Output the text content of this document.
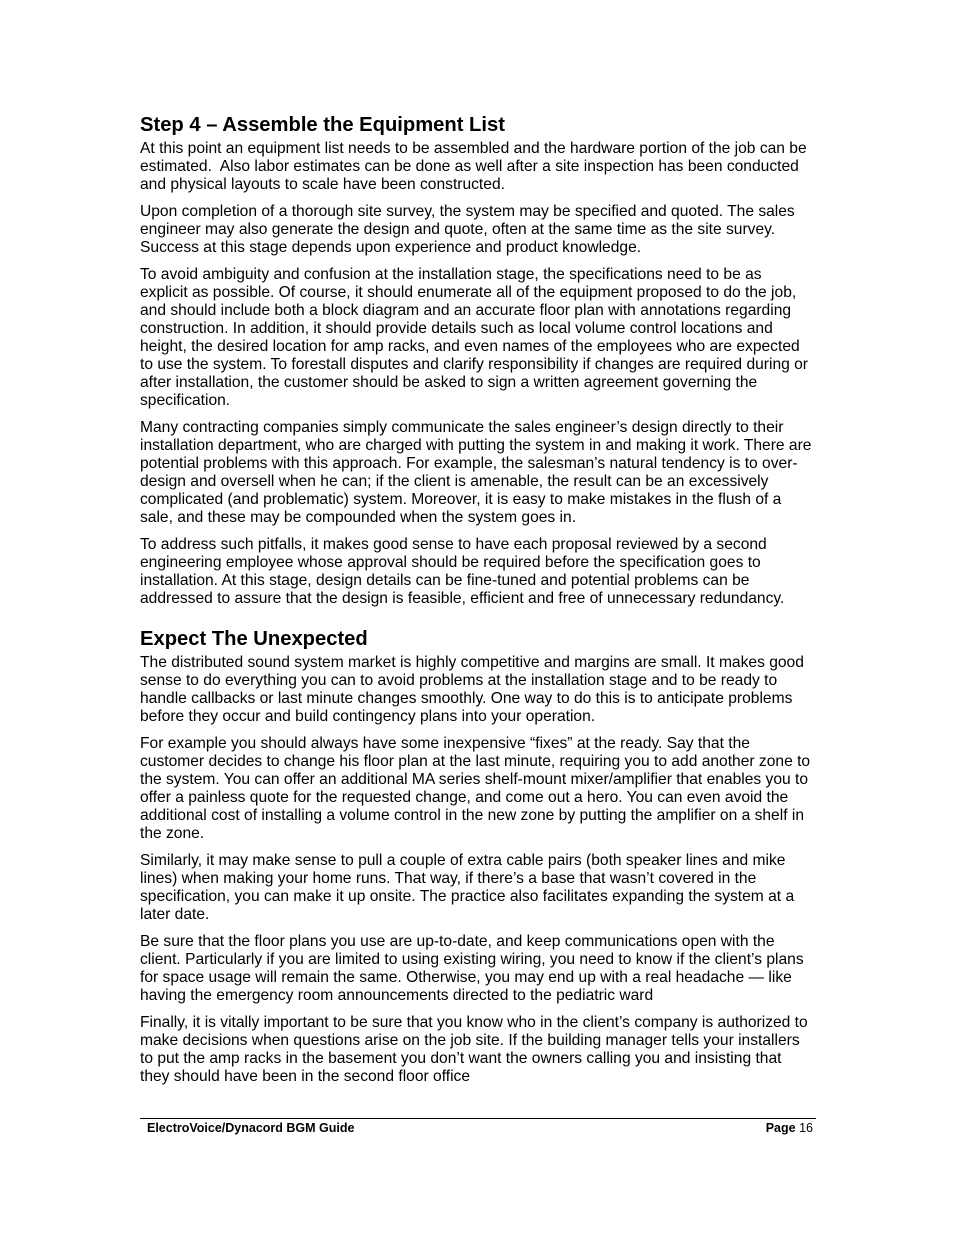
Step 4 – Assemble the Equipment List

At this point an equipment list needs to be assembled and the hardware portion of the job can be
estimated.  Also labor estimates can be done as well after a site inspection has been conducted
and physical layouts to scale have been constructed.

Upon completion of a thorough site survey, the system may be specified and quoted. The sales
engineer may also generate the design and quote, often at the same time as the site survey.
Success at this stage depends upon experience and product knowledge.

To avoid ambiguity and confusion at the installation stage, the specifications need to be as
explicit as possible. Of course, it should enumerate all of the equipment proposed to do the job,
and should include both a block diagram and an accurate floor plan with annotations regarding
construction. In addition, it should provide details such as local volume control locations and
height, the desired location for amp racks, and even names of the employees who are expected
to use the system. To forestall disputes and clarify responsibility if changes are required during or
after installation, the customer should be asked to sign a written agreement governing the
specification.

Many contracting companies simply communicate the sales engineer’s design directly to their
installation department, who are charged with putting the system in and making it work. There are
potential problems with this approach. For example, the salesman’s natural tendency is to over-
design and oversell when he can; if the client is amenable, the result can be an excessively
complicated (and problematic) system. Moreover, it is easy to make mistakes in the flush of a
sale, and these may be compounded when the system goes in.

To address such pitfalls, it makes good sense to have each proposal reviewed by a second
engineering employee whose approval should be required before the specification goes to
installation. At this stage, design details can be fine-tuned and potential problems can be
addressed to assure that the design is feasible, efficient and free of unnecessary redundancy.

Expect The Unexpected

The distributed sound system market is highly competitive and margins are small. It makes good
sense to do everything you can to avoid problems at the installation stage and to be ready to
handle callbacks or last minute changes smoothly. One way to do this is to anticipate problems
before they occur and build contingency plans into your operation.

For example you should always have some inexpensive “fixes” at the ready. Say that the
customer decides to change his floor plan at the last minute, requiring you to add another zone to
the system. You can offer an additional MA series shelf-mount mixer/amplifier that enables you to
offer a painless quote for the requested change, and come out a hero. You can even avoid the
additional cost of installing a volume control in the new zone by putting the amplifier on a shelf in
the zone.

Similarly, it may make sense to pull a couple of extra cable pairs (both speaker lines and mike
lines) when making your home runs. That way, if there’s a base that wasn’t covered in the
specification, you can make it up onsite. The practice also facilitates expanding the system at a
later date.

Be sure that the floor plans you use are up-to-date, and keep communications open with the
client. Particularly if you are limited to using existing wiring, you need to know if the client’s plans
for space usage will remain the same. Otherwise, you may end up with a real headache — like
having the emergency room announcements directed to the pediatric ward

Finally, it is vitally important to be sure that you know who in the client’s company is authorized to
make decisions when questions arise on the job site. If the building manager tells your installers
to put the amp racks in the basement you don’t want the owners calling you and insisting that
they should have been in the second floor office

ElectroVoice/Dynacord BGM Guide	Page 16
